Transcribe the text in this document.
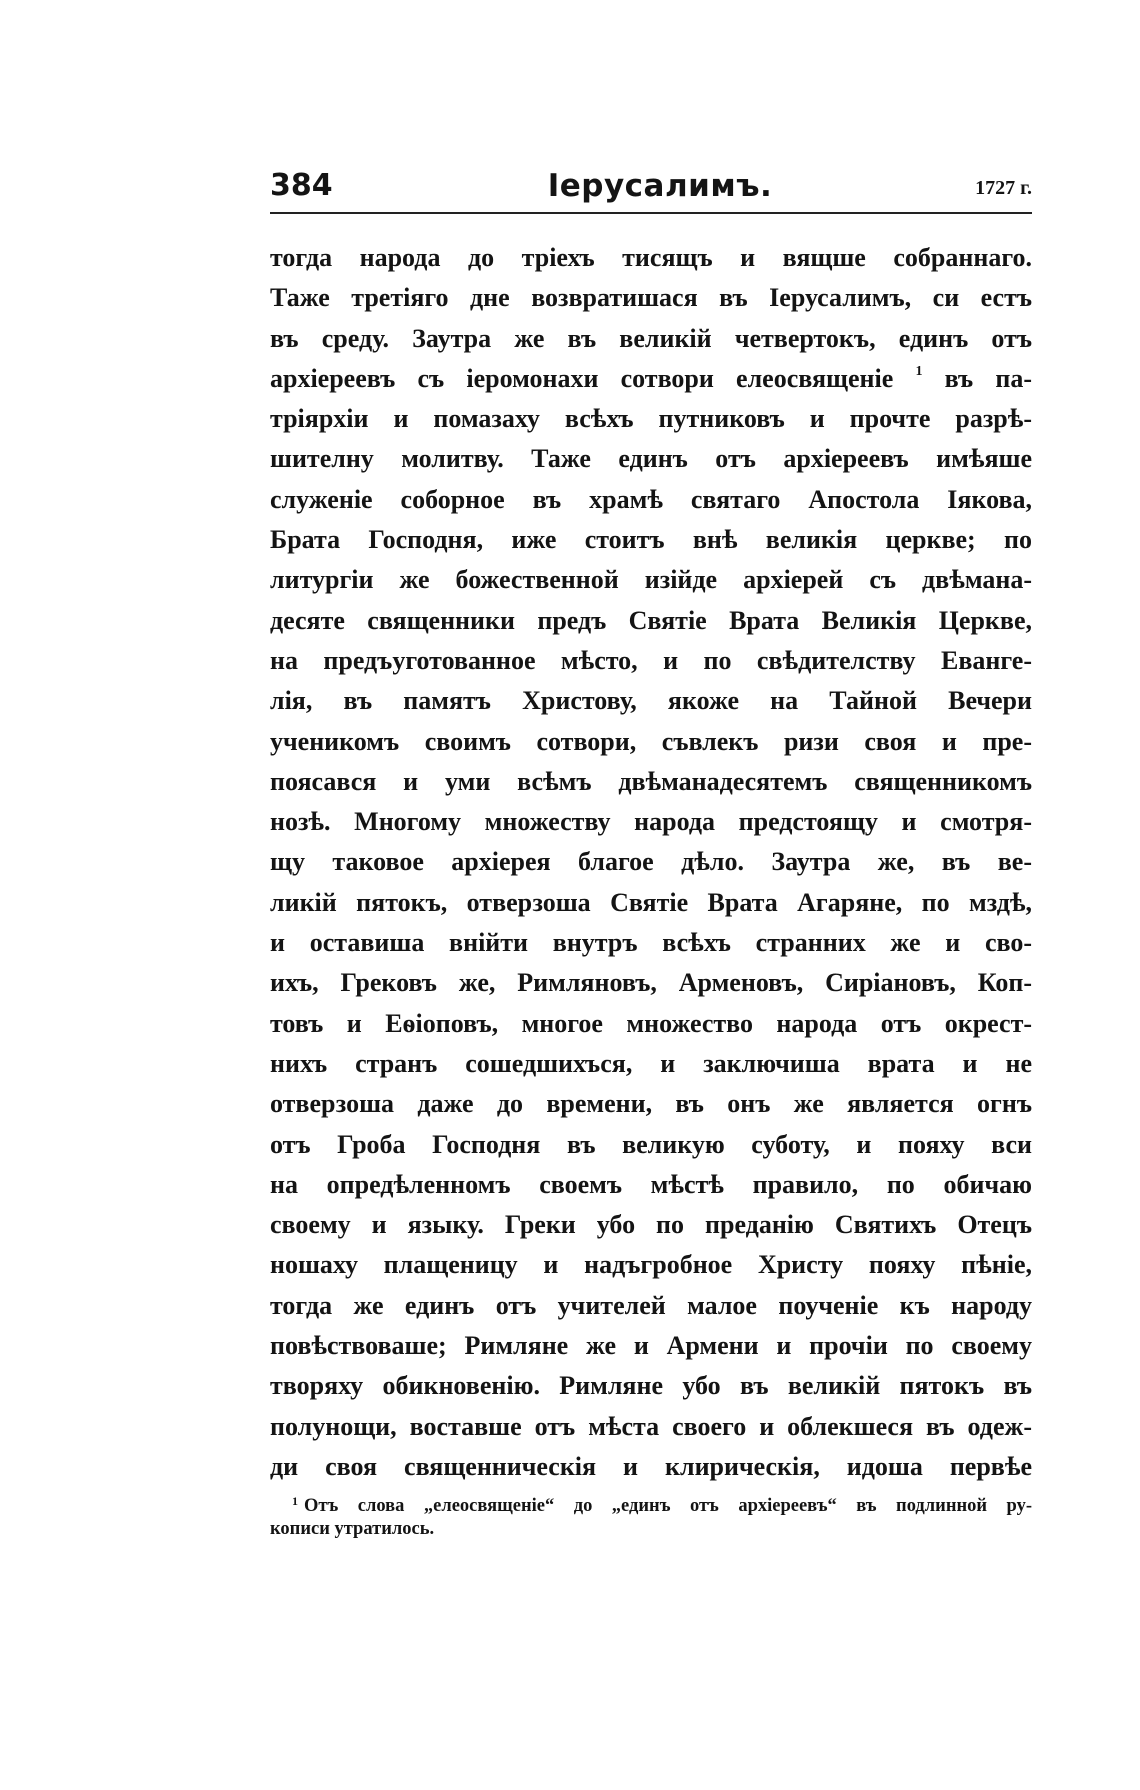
384	Іерусалимъ.	1727 г.
тогда народа до тріехъ тисящъ и вящше собраннаго.
Таже третіяго дне возвратишася въ Іерусалимъ, си естъ
въ среду. Заутра же въ великій четвертокъ, единъ отъ
архіереевъ съ іеромонахи сотвори елеосвященіе $^1$ въ па-
тріярхіи и помазаху всѣхъ путниковъ и прочте разрѣ-
шителну молитву. Таже единъ отъ архіереевъ имѣяше
служеніе соборное въ храмѣ святаго Апостола Іякова,
Брата Господня, иже стоитъ внѣ великія церкве; по
литургіи же божественной изійде архіерей съ двѣмана-
десяте священники предъ Святіе Врата Великія Церкве,
на предъуготованное мѣсто, и по свѣдителству Еванге-
лія, въ памятъ Христову, якоже на Тайной Вечери
ученикомъ своимъ сотвори, съвлекъ ризи своя и пре-
поясався и уми всѣмъ двѣманадесятемъ священникомъ
нозѣ. Многому множеству народа предстоящу и смотря-
щу таковое архіерея благое дѣло. Заутра же, въ ве-
ликій пятокъ, отверзоша Святіе Врата Агаряне, по мздѣ,
и оставиша внійти внутръ всѣхъ странних же и сво-
ихъ, Грековъ же, Римляновъ, Арменовъ, Сиріановъ, Коп-
товъ и Еѳіоповъ, многое множество народа отъ окрест-
нихъ странъ сошедшихъся, и заключиша врата и не
отверзоша даже до времени, въ онъ же является огнъ
отъ Гроба Господня въ великую суботу, и пояху вси
на опредѣленномъ своемъ мѣстѣ правило, по обичаю
своему и языку. Греки убо по преданію Святихъ Отецъ
ношаху плащеницу и надъгробное Христу пояху пѣніе,
тогда же единъ отъ учителей малое поученіе къ народу
повѣствоваше; Римляне же и Армени и прочіи по своему
творяху обикновенію. Римляне убо въ великій пятокъ въ
полунощи, воставше отъ мѣста своего и облекшеся въ одеж-
ди своя священническія и клирическія, идоша первѣе
$^1$ Отъ слова „елеосвященіе“ до „единъ отъ архіереевъ“ въ подлинной ру-
кописи утратилось.
